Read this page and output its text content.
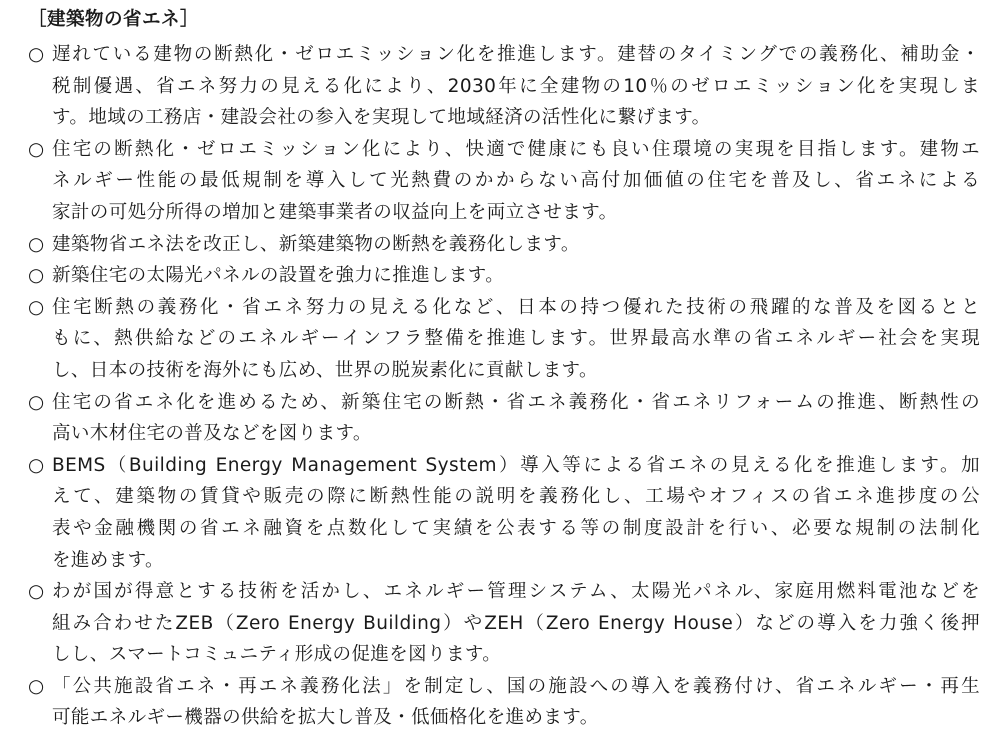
［建築物の省エネ］
○ 遅れている建物の断熱化・ゼロエミッション化を推進します。建替のタイミングでの義務化、補助金・
税制優遇、省エネ努力の見える化により、2030年に全建物の10％のゼロエミッション化を実現しま
す。地域の工務店・建設会社の参入を実現して地域経済の活性化に繋げます。
○ 住宅の断熱化・ゼロエミッション化により、快適で健康にも良い住環境の実現を目指します。建物エ
ネルギー性能の最低規制を導入して光熱費のかからない高付加価値の住宅を普及し、省エネによる
家計の可処分所得の増加と建築事業者の収益向上を両立させます。
○ 建築物省エネ法を改正し、新築建築物の断熱を義務化します。
○ 新築住宅の太陽光パネルの設置を強力に推進します。
○ 住宅断熱の義務化・省エネ努力の見える化など、日本の持つ優れた技術の飛躍的な普及を図るとと
もに、熱供給などのエネルギーインフラ整備を推進します。世界最高水準の省エネルギー社会を実現
し、日本の技術を海外にも広め、世界の脱炭素化に貢献します。
○ 住宅の省エネ化を進めるため、新築住宅の断熱・省エネ義務化・省エネリフォームの推進、断熱性の
高い木材住宅の普及などを図ります。
○ BEMS（Building Energy Management System）導入等による省エネの見える化を推進します。加
えて、建築物の賃貸や販売の際に断熱性能の説明を義務化し、工場やオフィスの省エネ進捗度の公
表や金融機関の省エネ融資を点数化して実績を公表する等の制度設計を行い、必要な規制の法制化
を進めます。
○ わが国が得意とする技術を活かし、エネルギー管理システム、太陽光パネル、家庭用燃料電池などを
組み合わせたZEB（Zero Energy Building）やZEH（Zero Energy House）などの導入を力強く後押
しし、スマートコミュニティ形成の促進を図ります。
○ 「公共施設省エネ・再エネ義務化法」を制定し、国の施設への導入を義務付け、省エネルギー・再生
可能エネルギー機器の供給を拡大し普及・低価格化を進めます。
